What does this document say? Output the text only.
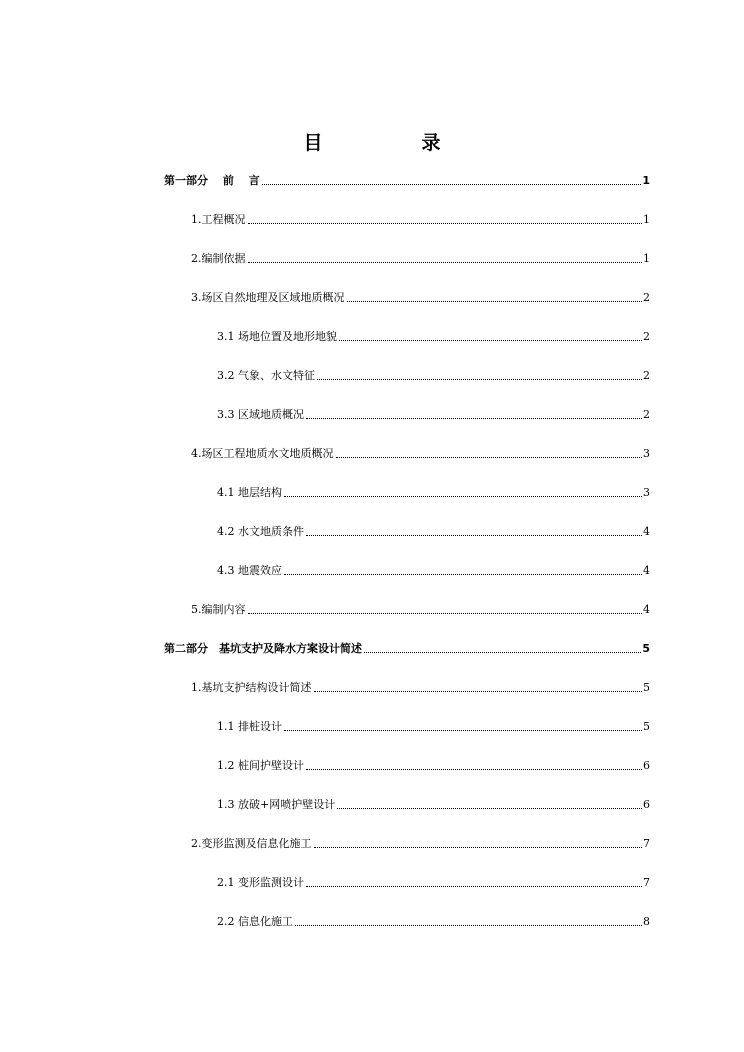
目　录
第一部分　 前　 言	1
1.工程概况	1
2.编制依据	1
3.场区自然地理及区域地质概况	2
3.1 场地位置及地形地貌	2
3.2 气象、水文特征	2
3.3 区域地质概况	2
4.场区工程地质水文地质概况	3
4.1 地层结构	3
4.2 水文地质条件	4
4.3 地震效应	4
5.编制内容	4
第二部分　基坑支护及降水方案设计简述	5
1.基坑支护结构设计简述	5
1.1 排桩设计	5
1.2 桩间护壁设计	6
1.3 放破+网喷护壁设计	6
2.变形监测及信息化施工	7
2.1 变形监测设计	7
2.2 信息化施工	8
